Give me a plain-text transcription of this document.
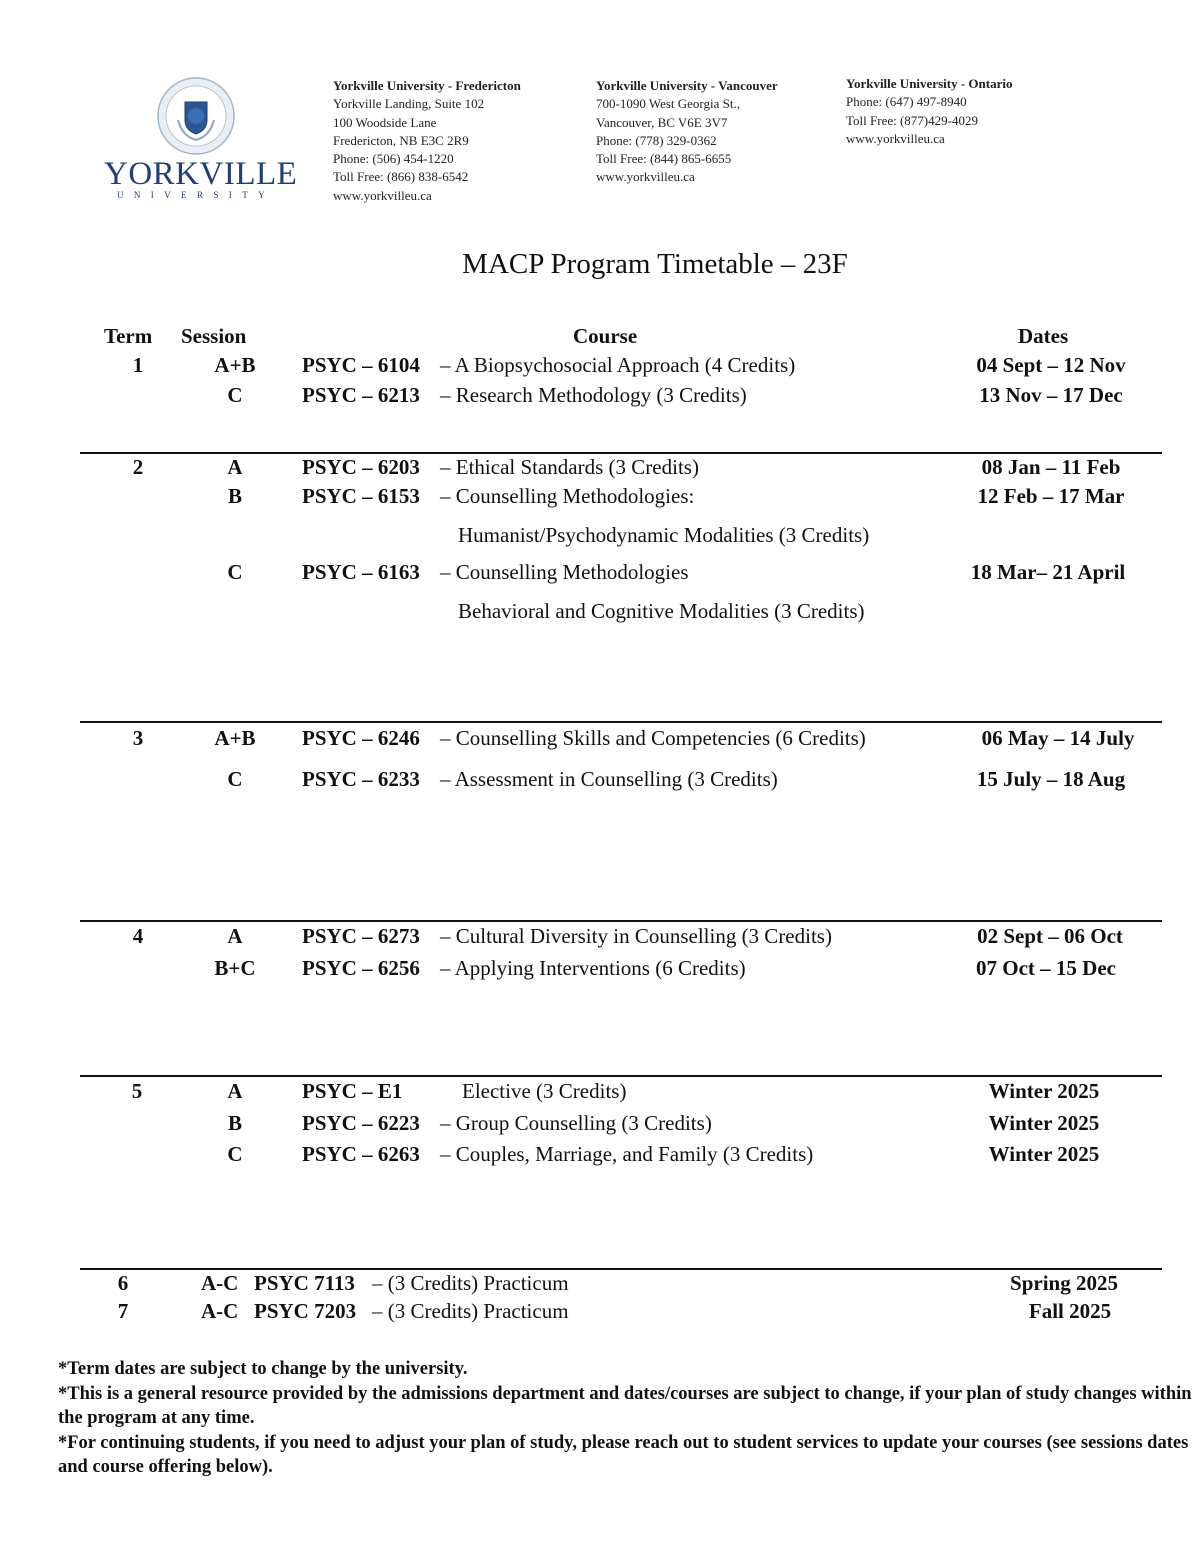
YORKVILLE
UNIVERSITY
Yorkville University - Fredericton
Yorkville Landing, Suite 102
100 Woodside Lane
Fredericton, NB E3C 2R9
Phone: (506) 454-1220
Toll Free: (866) 838-6542
www.yorkvilleu.ca
Yorkville University - Vancouver
700-1090 West Georgia St.,
Vancouver, BC V6E 3V7
Phone: (778) 329-0362
Toll Free: (844) 865-6655
www.yorkvilleu.ca
Yorkville University - Ontario
Phone: (647) 497-8940
Toll Free: (877)429-4029
www.yorkvilleu.ca
MACP Program Timetable – 23F
Term Session	Course	Dates
1	A+B	PSYC – 6104 – A Biopsychosocial Approach (4 Credits)	04 Sept – 12 Nov
C	PSYC – 6213 – Research Methodology (3 Credits)	13 Nov – 17 Dec
2	A	PSYC – 6203 – Ethical Standards (3 Credits)	08 Jan – 11 Feb
B	PSYC – 6153 – Counselling Methodologies:	12 Feb – 17 Mar
Humanist/Psychodynamic Modalities (3 Credits)
C	PSYC – 6163 – Counselling Methodologies	18 Mar– 21 April
Behavioral and Cognitive Modalities (3 Credits)
3	A+B	PSYC – 6246 – Counselling Skills and Competencies (6 Credits)	06 May – 14 July
C	PSYC – 6233 – Assessment in Counselling (3 Credits)	15 July – 18 Aug
4	A	PSYC – 6273 – Cultural Diversity in Counselling (3 Credits)	02 Sept – 06 Oct
B+C	PSYC – 6256 – Applying Interventions (6 Credits)	07 Oct – 15 Dec
5	A	PSYC – E1	Elective (3 Credits)	Winter 2025
B	PSYC – 6223 – Group Counselling (3 Credits)	Winter 2025
C	PSYC – 6263 – Couples, Marriage, and Family (3 Credits)	Winter 2025
6	A-C PSYC 7113 – (3 Credits) Practicum	Spring 2025
7	A-C PSYC 7203 – (3 Credits) Practicum	Fall 2025
*Term dates are subject to change by the university.
*This is a general resource provided by the admissions department and dates/courses are subject to change, if your plan of study changes within the program at any time.
*For continuing students, if you need to adjust your plan of study, please reach out to student services to update your courses (see sessions dates and course offering below).
